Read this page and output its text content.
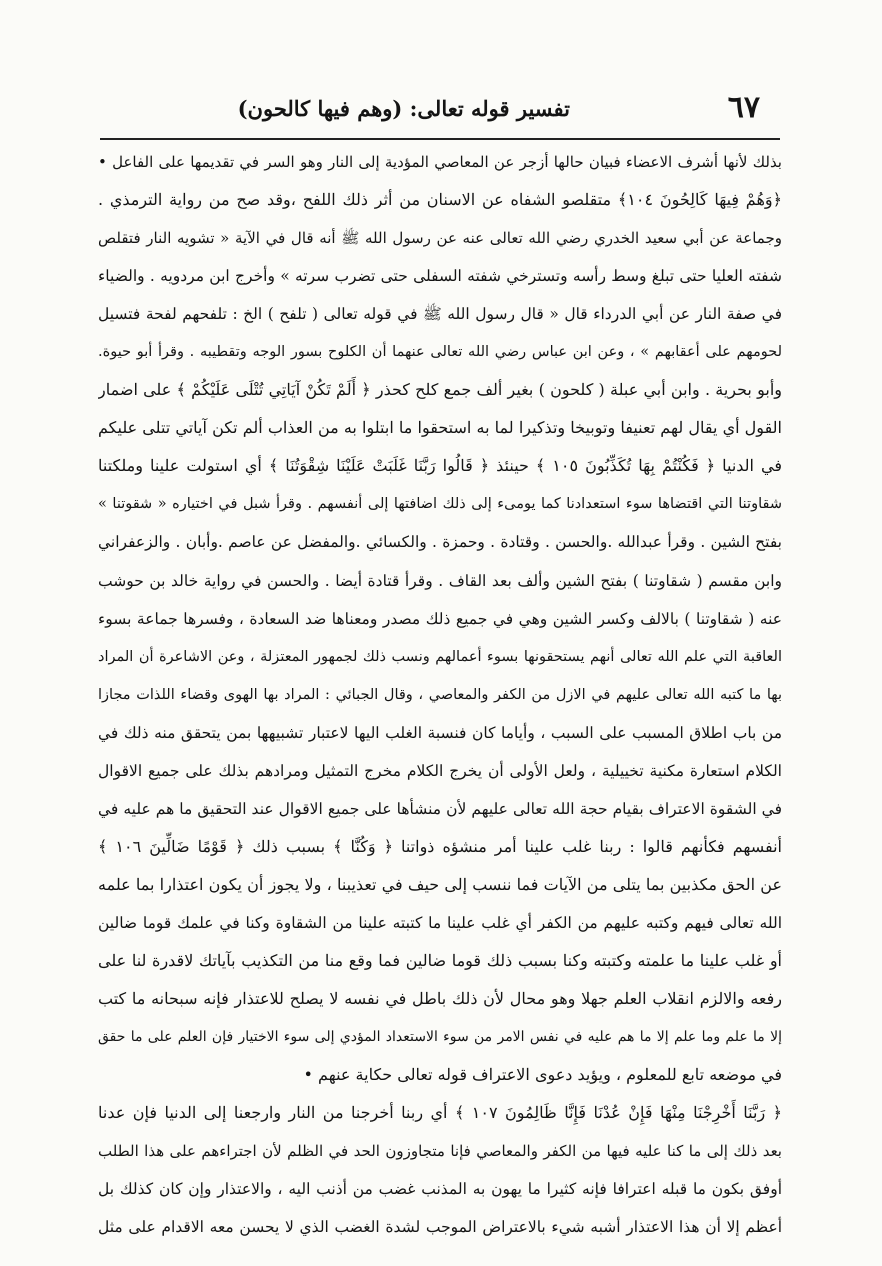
٦٧
تفسير قوله تعالى: (وهم فيها كالحون)
بذلك لأنها أشرف الاعضاء فبيان حالها أزجر عن المعاصي المؤدية إلى النار وهو السر في تقديمها على الفاعل •
﴿وَهُمْ فِيهَا كَالِحُونَ ١٠٤﴾ متقلصو الشفاه عن الاسنان من أثر ذلك اللفح ،وقد صح من رواية الترمذي .
وجماعة عن أبي سعيد الخدري رضي الله تعالى عنه عن رسول الله ﷺ أنه قال في الآية « تشويه النار فتقلص
شفته العليا حتى تبلغ وسط رأسه وتسترخي شفته السفلى حتى تضرب سرته » وأخرج ابن مردويه . والضياء
في صفة النار عن أبي الدرداء قال « قال رسول الله ﷺ في قوله تعالى ( تلفح ) الخ : تلفحهم لفحة فتسيل
لحومهم على أعقابهم » ، وعن ابن عباس رضي الله تعالى عنهما أن الكلوح بسور الوجه وتقطيبه . وقرأ أبو حيوة.
وأبو بحرية . وابن أبي عبلة ( كلحون ) بغير ألف جمع كلح كحذر ﴿ أَلَمْ تَكُنْ آيَاتِي تُتْلَى عَلَيْكُمْ ﴾ على اضمار
القول أي يقال لهم تعنيفا وتوبيخا وتذكيرا لما به استحقوا ما ابتلوا به من العذاب ألم تكن آياتي تتلى عليكم
في الدنيا ﴿ فَكُنْتُمْ بِهَا تُكَذِّبُونَ ١٠٥ ﴾ حينئذ ﴿ قَالُوا رَبَّنَا غَلَبَتْ عَلَيْنَا شِقْوَتُنَا ﴾ أي استولت علينا وملكتنا
شقاوتنا التي اقتضاها سوء استعدادنا كما يومىء إلى ذلك اضافتها إلى أنفسهم . وقرأ شبل في اختياره « شقوتنا »
بفتح الشين . وقرأ عبدالله .والحسن . وقتادة . وحمزة . والكسائي .والمفضل عن عاصم .وأبان . والزعفراني
وابن مقسم ( شقاوتنا ) بفتح الشين وألف بعد القاف . وقرأ قتادة أيضا . والحسن في رواية خالد بن حوشب
عنه ( شقاوتنا ) بالالف وكسر الشين وهي في جميع ذلك مصدر ومعناها ضد السعادة ، وفسرها جماعة بسوء
العاقبة التي علم الله تعالى أنهم يستحقونها بسوء أعمالهم ونسب ذلك لجمهور المعتزلة ، وعن الاشاعرة أن المراد
بها ما كتبه الله تعالى عليهم في الازل من الكفر والمعاصي ، وقال الجبائي : المراد بها الهوى وقضاء اللذات مجازا
من باب اطلاق المسبب على السبب ، وأياما كان فنسبة الغلب اليها لاعتبار تشبيهها بمن يتحقق منه ذلك في
الكلام استعارة مكنية تخييلية ، ولعل الأولى أن يخرج الكلام مخرج التمثيل ومرادهم بذلك على جميع الاقوال
في الشقوة الاعتراف بقيام حجة الله تعالى عليهم لأن منشأها على جميع الاقوال عند التحقيق ما هم عليه في
أنفسهم فكأنهم قالوا : ربنا غلب علينا أمر منشؤه ذواتنا ﴿ وَكُنَّا ﴾ بسبب ذلك ﴿ قَوْمًا ضَالِّينَ ١٠٦ ﴾
عن الحق مكذبين بما يتلى من الآيات فما ننسب إلى حيف في تعذيبنا ، ولا يجوز أن يكون اعتذارا بما علمه
الله تعالى فيهم وكتبه عليهم من الكفر أي غلب علينا ما كتبته علينا من الشقاوة وكنا في علمك قوما ضالين
أو غلب علينا ما علمته وكتبته وكنا بسبب ذلك قوما ضالين فما وقع منا من التكذيب بآياتك لاقدرة لنا على
رفعه والالزم انقلاب العلم جهلا وهو محال لأن ذلك باطل في نفسه لا يصلح للاعتذار فإنه سبحانه ما كتب
إلا ما علم وما علم إلا ما هم عليه في نفس الامر من سوء الاستعداد المؤدي إلى سوء الاختيار فإن العلم على ما حقق
في موضعه تابع للمعلوم ، ويؤيد دعوى الاعتراف قوله تعالى حكاية عنهم •
﴿ رَبَّنَا أَخْرِجْنَا مِنْهَا فَإِنْ عُدْنَا فَإِنَّا ظَالِمُونَ ١٠٧ ﴾ أي ربنا أخرجنا من النار وارجعنا إلى الدنيا فإن عدنا
بعد ذلك إلى ما كنا عليه فيها من الكفر والمعاصي فإنا متجاوزون الحد في الظلم لأن اجتراءهم على هذا الطلب
أوفق بكون ما قبله اعترافا فإنه كثيرا ما يهون به المذنب غضب من أذنب اليه ، والاعتذار وإن كان كذلك بل
أعظم إلا أن هذا الاعتذار أشبه شيء بالاعتراض الموجب لشدة الغضب الذي لا يحسن معه الاقدام على مثل
